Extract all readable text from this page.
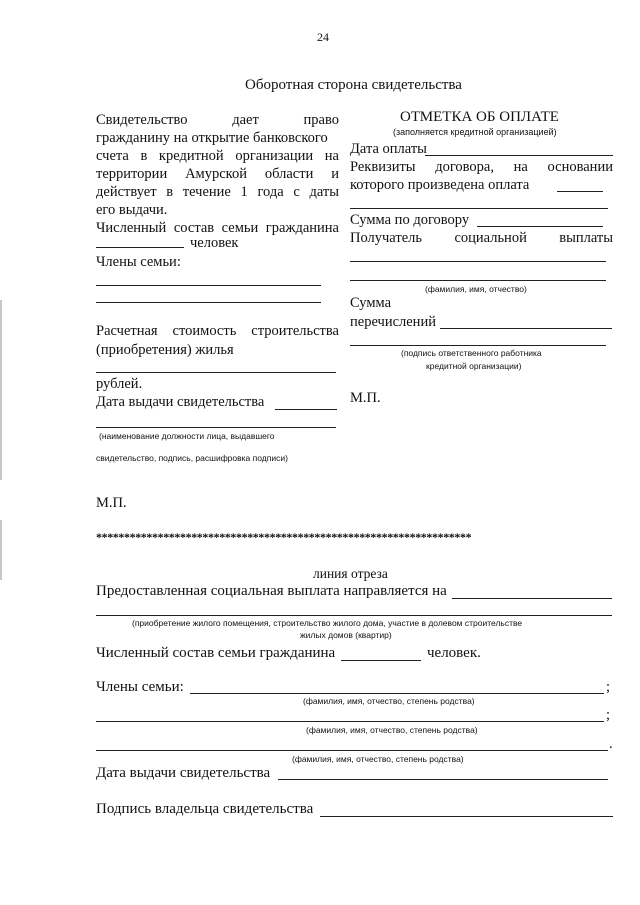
24
Оборотная сторона свидетельства
Свидетельство	дает	право
гражданину на открытие банковского
счета в кредитной организации на
территории Амурской области и
действует в течение 1 года с даты
его выдачи.
Численный состав семьи гражданина
человек
Члены семьи:
Расчетная стоимость строительства
(приобретения) жилья
рублей.
Дата выдачи свидетельства
(наименование должности лица, выдавшего
свидетельство, подпись, расшифровка подписи)
ОТМЕТКА ОБ ОПЛАТЕ
(заполняется кредитной организацией)
Дата оплаты
Реквизиты договора, на основании
которого произведена оплата
Сумма по договору
Получатель социальной выплаты
(фамилия, имя, отчество)
Сумма
перечислений
(подпись ответственного работника
кредитной организации)
М.П.
М.П.
*******************************************************************
линия отреза
Предоставленная социальная выплата направляется на
(приобретение жилого помещения, строительство жилого дома, участие в долевом строительстве
жилых домов (квартир)
Численный состав семьи гражданина	человек.
Члены семьи:	;
(фамилия, имя, отчество, степень родства)
;
(фамилия, имя, отчество, степень родства)
.
(фамилия, имя, отчество, степень родства)
Дата выдачи свидетельства
Подпись владельца свидетельства
